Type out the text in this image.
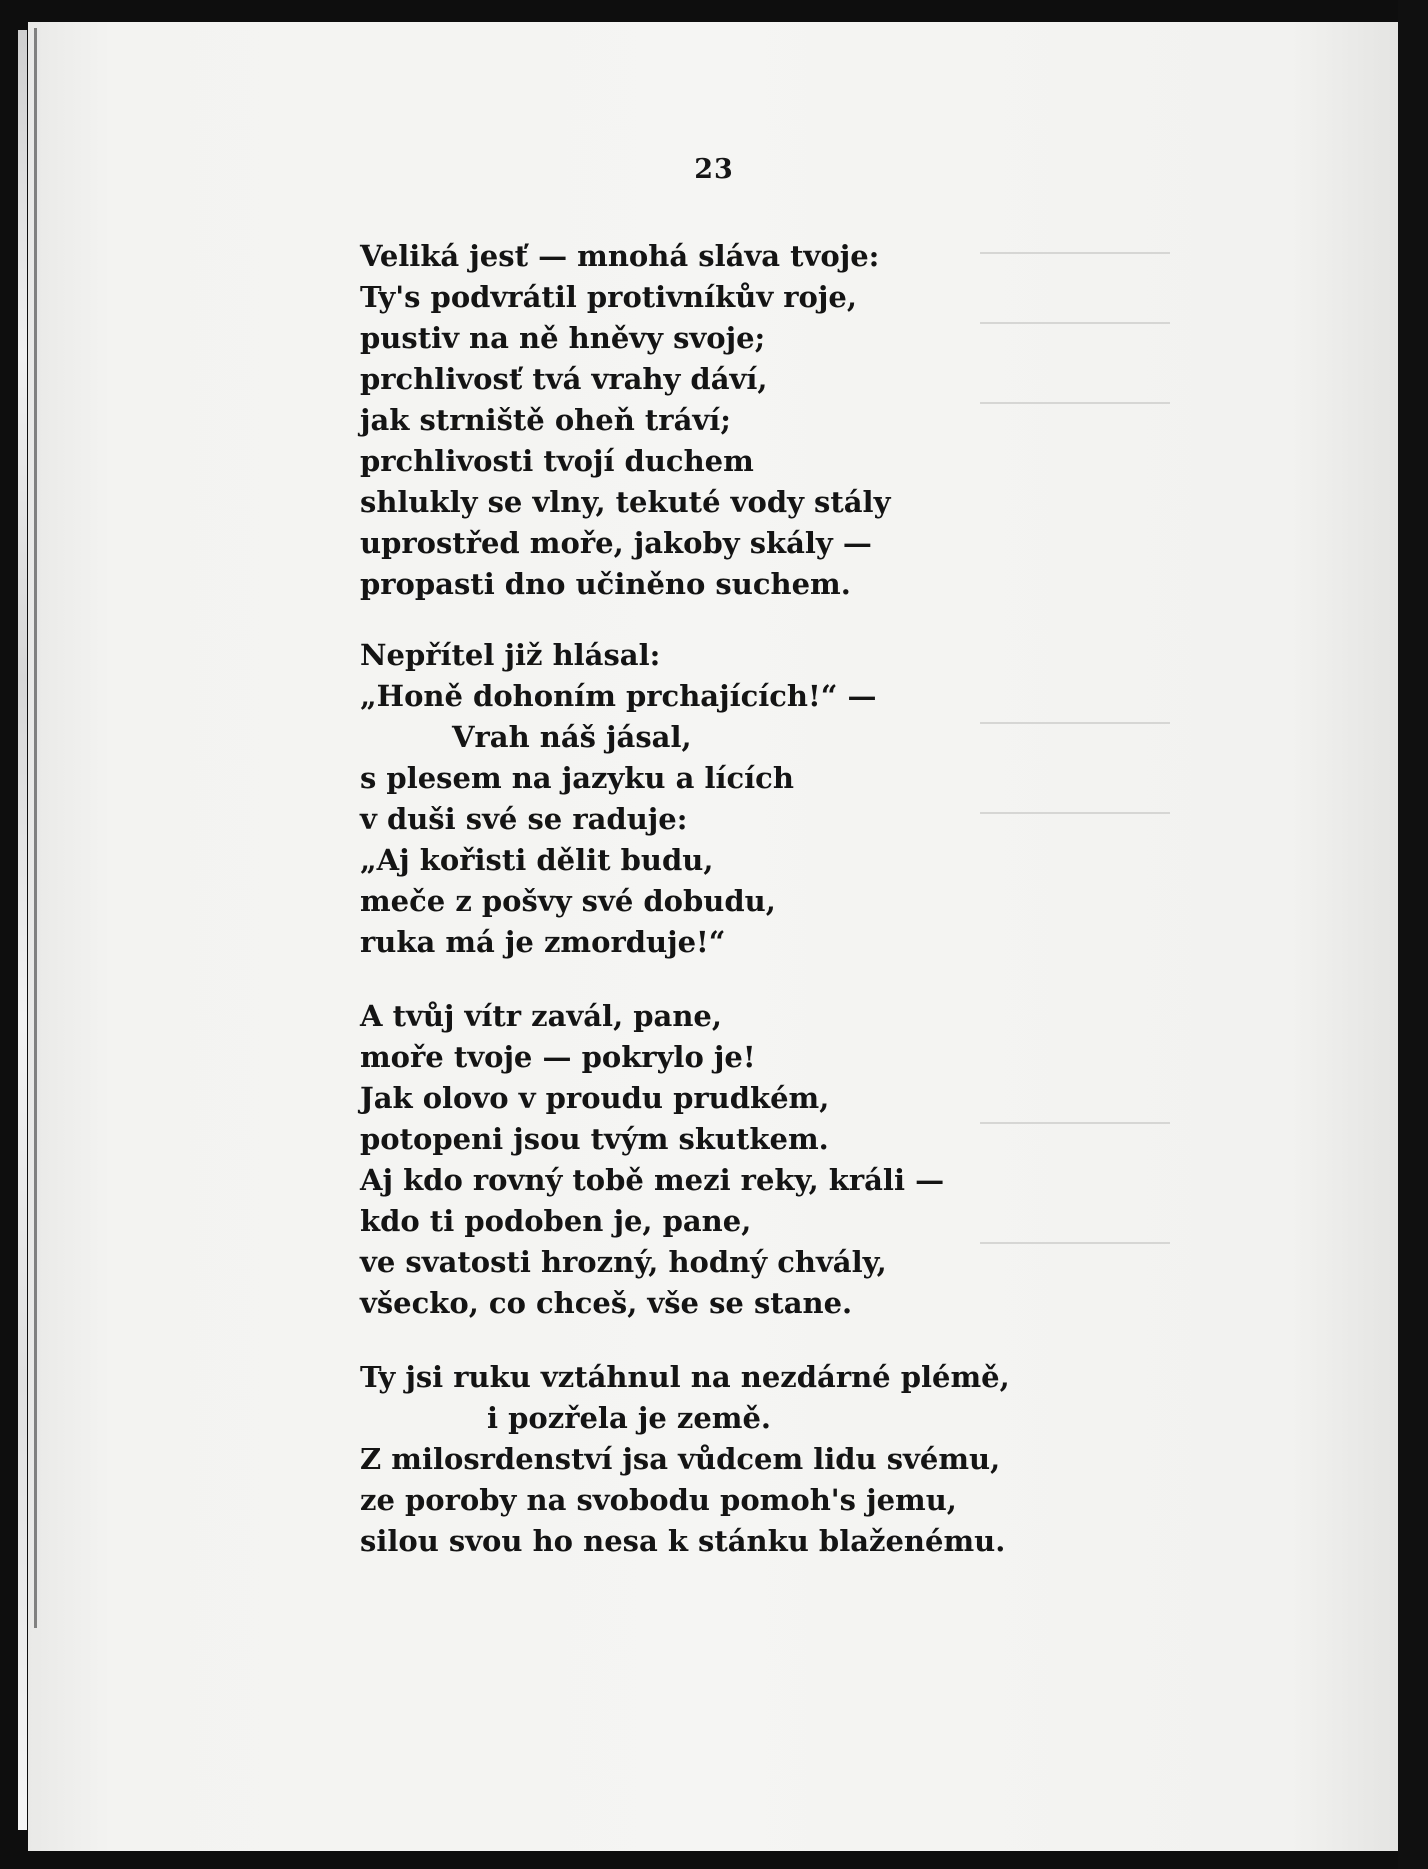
23
Veliká jesť — mnohá sláva tvoje:
Ty's podvrátil protivníkův roje,
pustiv na ně hněvy svoje;
prchlivosť tvá vrahy dáví,
jak strniště oheň tráví;
prchlivosti tvojí duchem
shlukly se vlny, tekuté vody stály
uprostřed moře, jakoby skály —
propasti dno učiněno suchem.
Nepřítel již hlásal:
„Honě dohoním prchajících!“ —
Vrah náš jásal,
s plesem na jazyku a lících
v duši své se raduje:
„Aj kořisti dělit budu,
meče z pošvy své dobudu,
ruka má je zmorduje!“
A tvůj vítr zavál, pane,
moře tvoje — pokrylo je!
Jak olovo v proudu prudkém,
potopeni jsou tvým skutkem.
Aj kdo rovný tobě mezi reky, králi —
kdo ti podoben je, pane,
ve svatosti hrozný, hodný chvály,
všecko, co chceš, vše se stane.
Ty jsi ruku vztáhnul na nezdárné plémě,
i pozřela je země.
Z milosrdenství jsa vůdcem lidu svému,
ze poroby na svobodu pomoh's jemu,
silou svou ho nesa k stánku blaženému.
